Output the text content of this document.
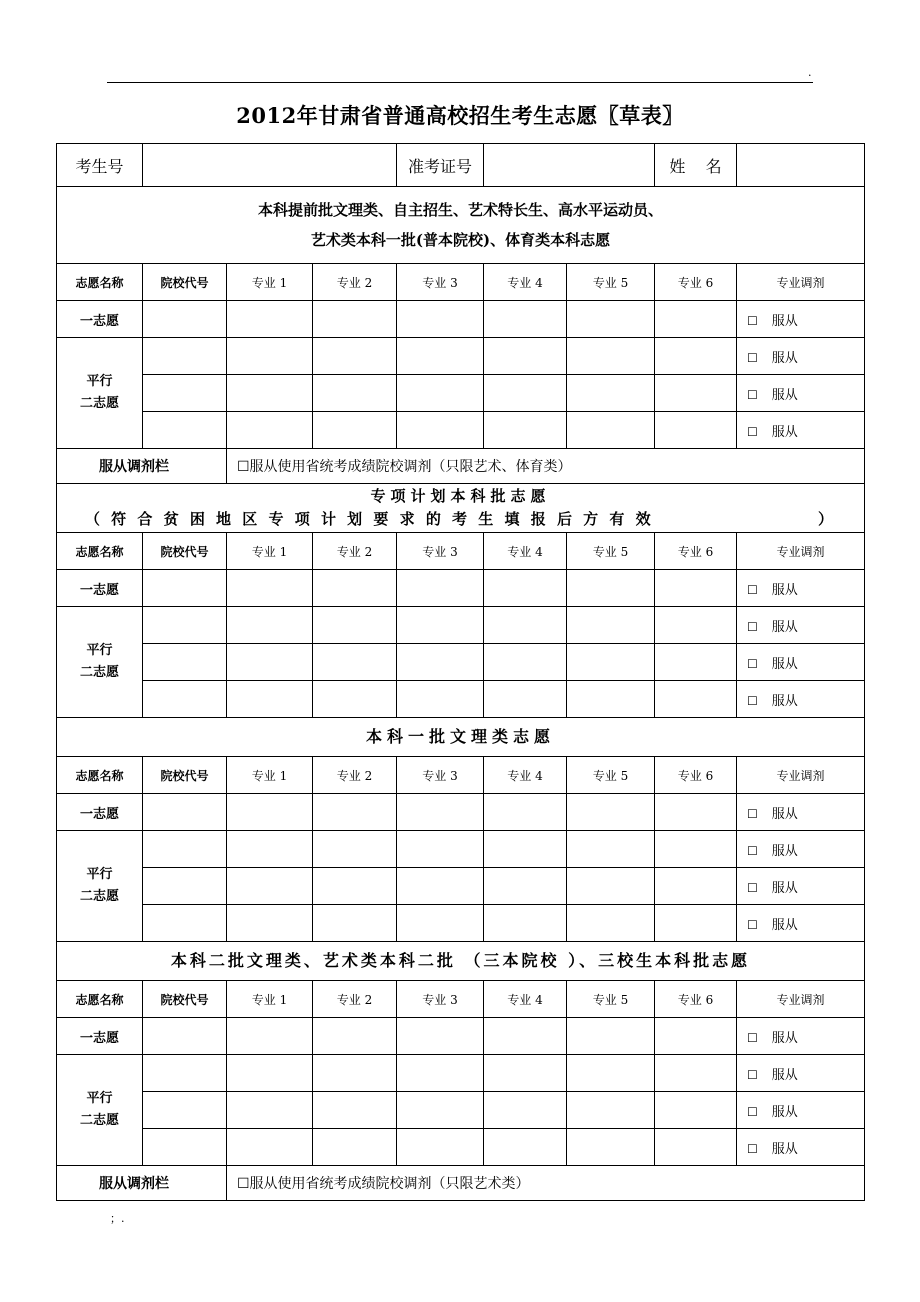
.
2012年甘肃省普通高校招生考生志愿〖草表〗
考生号				准考证号			姓    名	

本科提前批文理类、自主招生、艺术特长生、高水平运动员、
艺术类本科一批(普本院校)、体育类本科志愿								

志愿名称	院校代号	专业 1	专业 2	专业 3	专业 4	专业 5	专业 6	专业调剂
一志愿								☐ 服从

平行
二志愿								☐ 服从
								☐ 服从
								☐ 服从
服从调剂栏		☐服从使用省统考成绩院校调剂（只限艺术、体育类）						

专项计划本科批志愿
（ 符 合 贫 困 地 区 专 项 计 划 要 求 的 考 生 填 报 后 方 有 效                    ）								

志愿名称	院校代号	专业 1	专业 2	专业 3	专业 4	专业 5	专业 6	专业调剂
一志愿								☐ 服从

平行
二志愿								☐ 服从
								☐ 服从
								☐ 服从

本科一批文理类志愿								

志愿名称	院校代号	专业 1	专业 2	专业 3	专业 4	专业 5	专业 6	专业调剂
一志愿								☐ 服从

平行
二志愿								☐ 服从
								☐ 服从
								☐ 服从

本科二批文理类、艺术类本科二批 （三本院校 ）、三校生本科批志愿								

志愿名称	院校代号	专业 1	专业 2	专业 3	专业 4	专业 5	专业 6	专业调剂
一志愿								☐ 服从

平行
二志愿								☐ 服从
								☐ 服从
								☐ 服从
服从调剂栏		☐服从使用省统考成绩院校调剂（只限艺术类）						
；.
